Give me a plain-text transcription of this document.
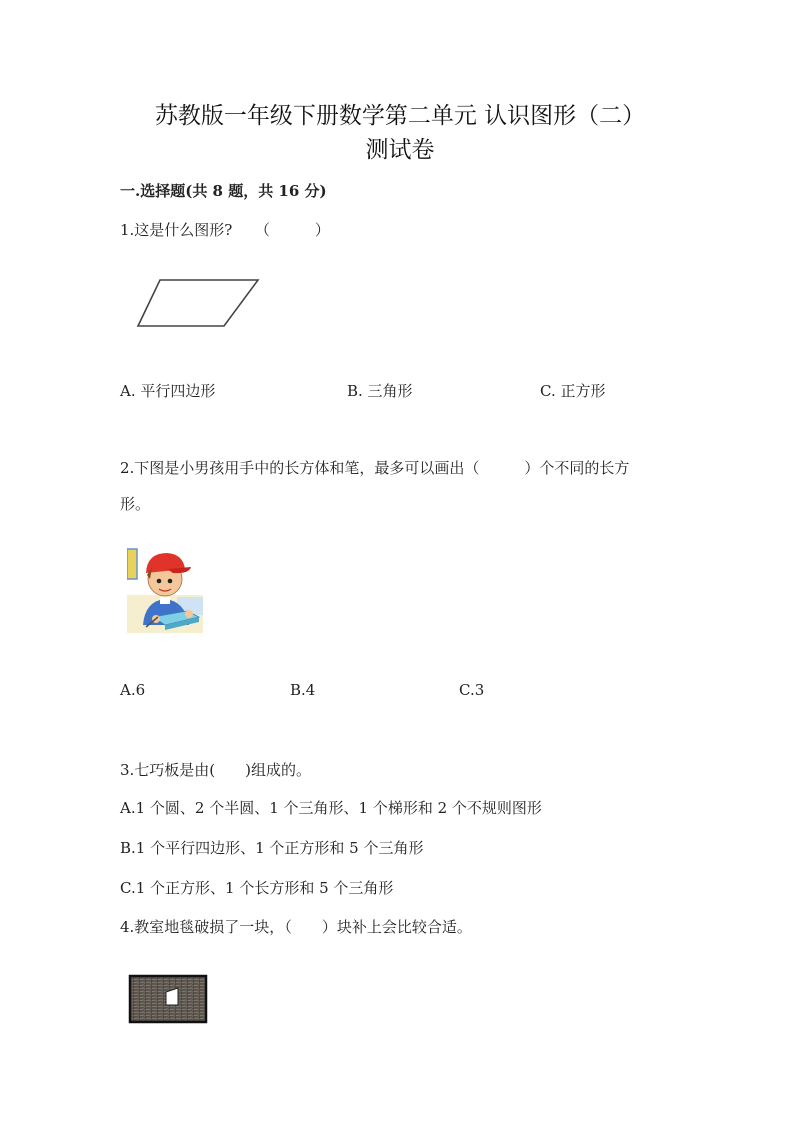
苏教版一年级下册数学第二单元 认识图形（二）
测试卷
一.选择题(共 8 题，共 16 分)
1.这是什么图形?　　（　　　）
A. 平行四边形	B. 三角形	C. 正方形
2.下图是小男孩用手中的长方体和笔，最多可以画出（　　　）个不同的长方
形。
A.6	B.4	C.3
3.七巧板是由(　　)组成的。
A.1 个圆、2 个半圆、1 个三角形、1 个梯形和 2 个不规则图形
B.1 个平行四边形、1 个正方形和 5 个三角形
C.1 个正方形、1 个长方形和 5 个三角形
4.教室地毯破损了一块，（　　）块补上会比较合适。
